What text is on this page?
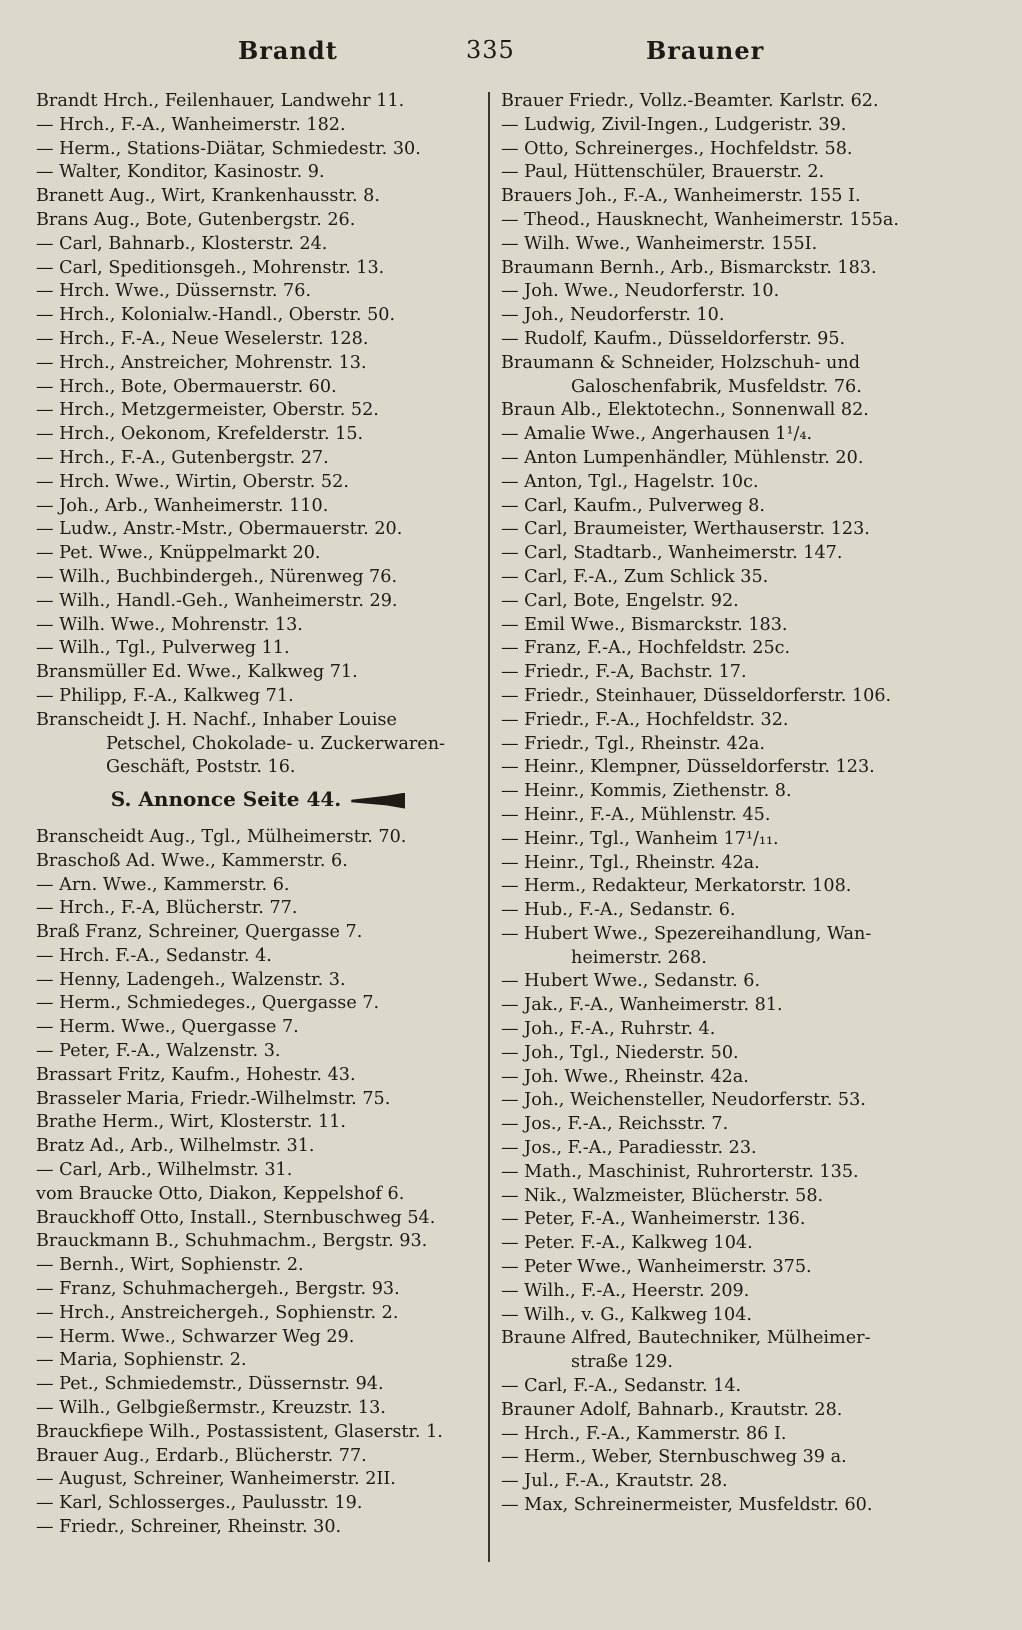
Brandt	335	Brauner
Brandt Hrch., Feilenhauer, Landwehr 11.
— Hrch., F.-A., Wanheimerstr. 182.
— Herm., Stations-Diätar, Schmiedestr. 30.
— Walter, Konditor, Kasinostr. 9.
Branett Aug., Wirt, Krankenhausstr. 8.
Brans Aug., Bote, Gutenbergstr. 26.
— Carl, Bahnarb., Klosterstr. 24.
— Carl, Speditionsgeh., Mohrenstr. 13.
— Hrch. Wwe., Düssernstr. 76.
— Hrch., Kolonialw.-Handl., Oberstr. 50.
— Hrch., F.-A., Neue Weselerstr. 128.
— Hrch., Anstreicher, Mohrenstr. 13.
— Hrch., Bote, Obermauerstr. 60.
— Hrch., Metzgermeister, Oberstr. 52.
— Hrch., Oekonom, Krefelderstr. 15.
— Hrch., F.-A., Gutenbergstr. 27.
— Hrch. Wwe., Wirtin, Oberstr. 52.
— Joh., Arb., Wanheimerstr. 110.
— Ludw., Anstr.-Mstr., Obermauerstr. 20.
— Pet. Wwe., Knüppelmarkt 20.
— Wilh., Buchbindergeh., Nürenweg 76.
— Wilh., Handl.-Geh., Wanheimerstr. 29.
— Wilh. Wwe., Mohrenstr. 13.
— Wilh., Tgl., Pulverweg 11.
Bransmüller Ed. Wwe., Kalkweg 71.
— Philipp, F.-A., Kalkweg 71.
Branscheidt J. H. Nachf., Inhaber Louise
Petschel, Chokolade- u. Zuckerwaren-
Geschäft, Poststr. 16.
S. Annonce Seite 44.
Branscheidt Aug., Tgl., Mülheimerstr. 70.
Braschoß Ad. Wwe., Kammerstr. 6.
— Arn. Wwe., Kammerstr. 6.
— Hrch., F.-A, Blücherstr. 77.
Braß Franz, Schreiner, Quergasse 7.
— Hrch. F.-A., Sedanstr. 4.
— Henny, Ladengeh., Walzenstr. 3.
— Herm., Schmiedeges., Quergasse 7.
— Herm. Wwe., Quergasse 7.
— Peter, F.-A., Walzenstr. 3.
Brassart Fritz, Kaufm., Hohestr. 43.
Brasseler Maria, Friedr.-Wilhelmstr. 75.
Brathe Herm., Wirt, Klosterstr. 11.
Bratz Ad., Arb., Wilhelmstr. 31.
— Carl, Arb., Wilhelmstr. 31.
vom Braucke Otto, Diakon, Keppelshof 6.
Brauckhoff Otto, Install., Sternbuschweg 54.
Brauckmann B., Schuhmachm., Bergstr. 93.
— Bernh., Wirt, Sophienstr. 2.
— Franz, Schuhmachergeh., Bergstr. 93.
— Hrch., Anstreichergeh., Sophienstr. 2.
— Herm. Wwe., Schwarzer Weg 29.
— Maria, Sophienstr. 2.
— Pet., Schmiedemstr., Düssernstr. 94.
— Wilh., Gelbgießermstr., Kreuzstr. 13.
Brauckfiepe Wilh., Postassistent, Glaserstr. 1.
Brauer Aug., Erdarb., Blücherstr. 77.
— August, Schreiner, Wanheimerstr. 2II.
— Karl, Schlosserges., Paulusstr. 19.
— Friedr., Schreiner, Rheinstr. 30.
Brauer Friedr., Vollz.-Beamter. Karlstr. 62.
— Ludwig, Zivil-Ingen., Ludgeristr. 39.
— Otto, Schreinerges., Hochfeldstr. 58.
— Paul, Hüttenschüler, Brauerstr. 2.
Brauers Joh., F.-A., Wanheimerstr. 155 I.
— Theod., Hausknecht, Wanheimerstr. 155a.
— Wilh. Wwe., Wanheimerstr. 155I.
Braumann Bernh., Arb., Bismarckstr. 183.
— Joh. Wwe., Neudorferstr. 10.
— Joh., Neudorferstr. 10.
— Rudolf, Kaufm., Düsseldorferstr. 95.
Braumann & Schneider, Holzschuh- und
Galoschenfabrik, Musfeldstr. 76.
Braun Alb., Elektotechn., Sonnenwall 82.
— Amalie Wwe., Angerhausen 1¹/₄.
— Anton Lumpenhändler, Mühlenstr. 20.
— Anton, Tgl., Hagelstr. 10c.
— Carl, Kaufm., Pulverweg 8.
— Carl, Braumeister, Werthauserstr. 123.
— Carl, Stadtarb., Wanheimerstr. 147.
— Carl, F.-A., Zum Schlick 35.
— Carl, Bote, Engelstr. 92.
— Emil Wwe., Bismarckstr. 183.
— Franz, F.-A., Hochfeldstr. 25c.
— Friedr., F.-A, Bachstr. 17.
— Friedr., Steinhauer, Düsseldorferstr. 106.
— Friedr., F.-A., Hochfeldstr. 32.
— Friedr., Tgl., Rheinstr. 42a.
— Heinr., Klempner, Düsseldorferstr. 123.
— Heinr., Kommis, Ziethenstr. 8.
— Heinr., F.-A., Mühlenstr. 45.
— Heinr., Tgl., Wanheim 17¹/₁₁.
— Heinr., Tgl., Rheinstr. 42a.
— Herm., Redakteur, Merkatorstr. 108.
— Hub., F.-A., Sedanstr. 6.
— Hubert Wwe., Spezereihandlung, Wan-
heimerstr. 268.
— Hubert Wwe., Sedanstr. 6.
— Jak., F.-A., Wanheimerstr. 81.
— Joh., F.-A., Ruhrstr. 4.
— Joh., Tgl., Niederstr. 50.
— Joh. Wwe., Rheinstr. 42a.
— Joh., Weichensteller, Neudorferstr. 53.
— Jos., F.-A., Reichsstr. 7.
— Jos., F.-A., Paradiesstr. 23.
— Math., Maschinist, Ruhrorterstr. 135.
— Nik., Walzmeister, Blücherstr. 58.
— Peter, F.-A., Wanheimerstr. 136.
— Peter. F.-A., Kalkweg 104.
— Peter Wwe., Wanheimerstr. 375.
— Wilh., F.-A., Heerstr. 209.
— Wilh., v. G., Kalkweg 104.
Braune Alfred, Bautechniker, Mülheimer-
straße 129.
— Carl, F.-A., Sedanstr. 14.
Brauner Adolf, Bahnarb., Krautstr. 28.
— Hrch., F.-A., Kammerstr. 86 I.
— Herm., Weber, Sternbuschweg 39 a.
— Jul., F.-A., Krautstr. 28.
— Max, Schreinermeister, Musfeldstr. 60.
